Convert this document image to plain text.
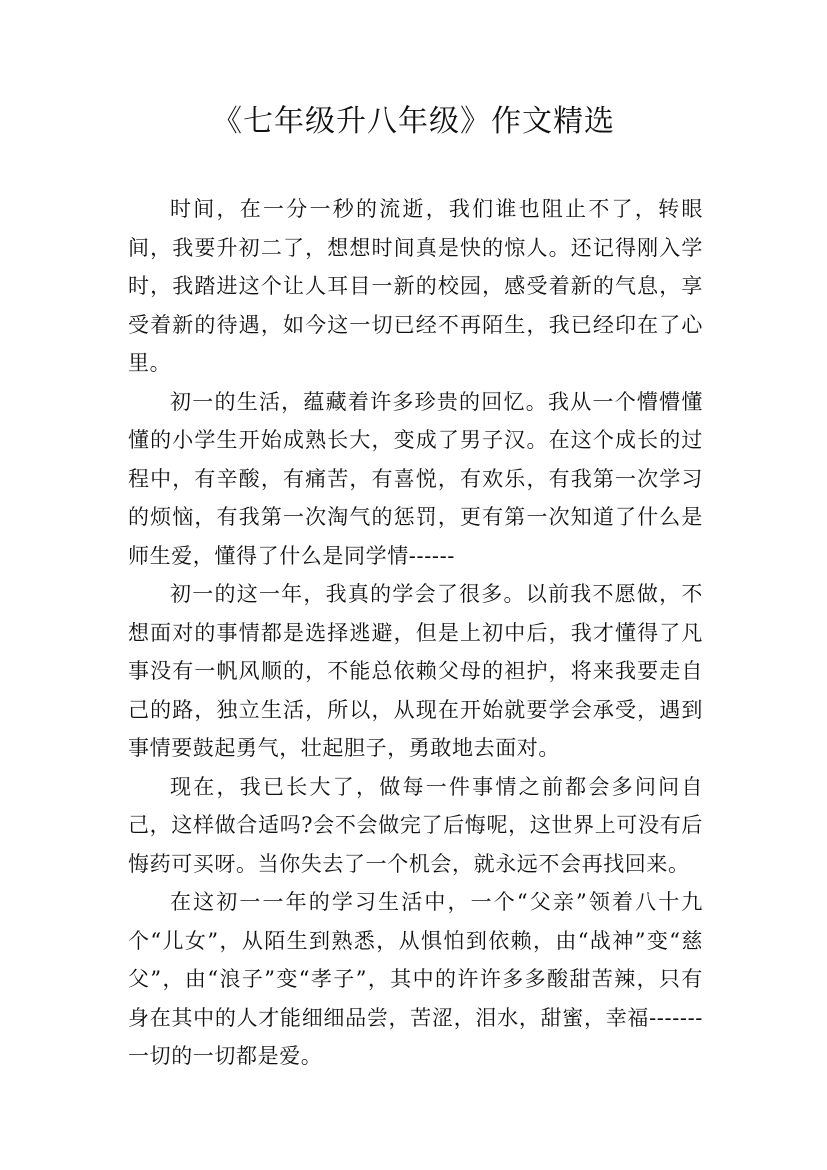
《七年级升八年级》作文精选

时间，在一分一秒的流逝，我们谁也阻止不了，转眼间，我要升初二了，想想时间真是快的惊人。还记得刚入学时，我踏进这个让人耳目一新的校园，感受着新的气息，享受着新的待遇，如今这一切已经不再陌生，我已经印在了心里。

初一的生活，蕴藏着许多珍贵的回忆。我从一个懵懵懂懂的小学生开始成熟长大，变成了男子汉。在这个成长的过程中，有辛酸，有痛苦，有喜悦，有欢乐，有我第一次学习的烦恼，有我第一次淘气的惩罚，更有第一次知道了什么是师生爱，懂得了什么是同学情------

初一的这一年，我真的学会了很多。以前我不愿做，不想面对的事情都是选择逃避，但是上初中后，我才懂得了凡事没有一帆风顺的，不能总依赖父母的袒护，将来我要走自己的路，独立生活，所以，从现在开始就要学会承受，遇到事情要鼓起勇气，壮起胆子，勇敢地去面对。

现在，我已长大了，做每一件事情之前都会多问问自己，这样做合适吗?会不会做完了后悔呢，这世界上可没有后悔药可买呀。当你失去了一个机会，就永远不会再找回来。

在这初一一年的学习生活中，一个“父亲”领着八十九个“儿女”，从陌生到熟悉，从惧怕到依赖，由“战神”变“慈父”，由“浪子”变“孝子”，其中的许许多多酸甜苦辣，只有身在其中的人才能细细品尝，苦涩，泪水，甜蜜，幸福-------一切的一切都是爱。
